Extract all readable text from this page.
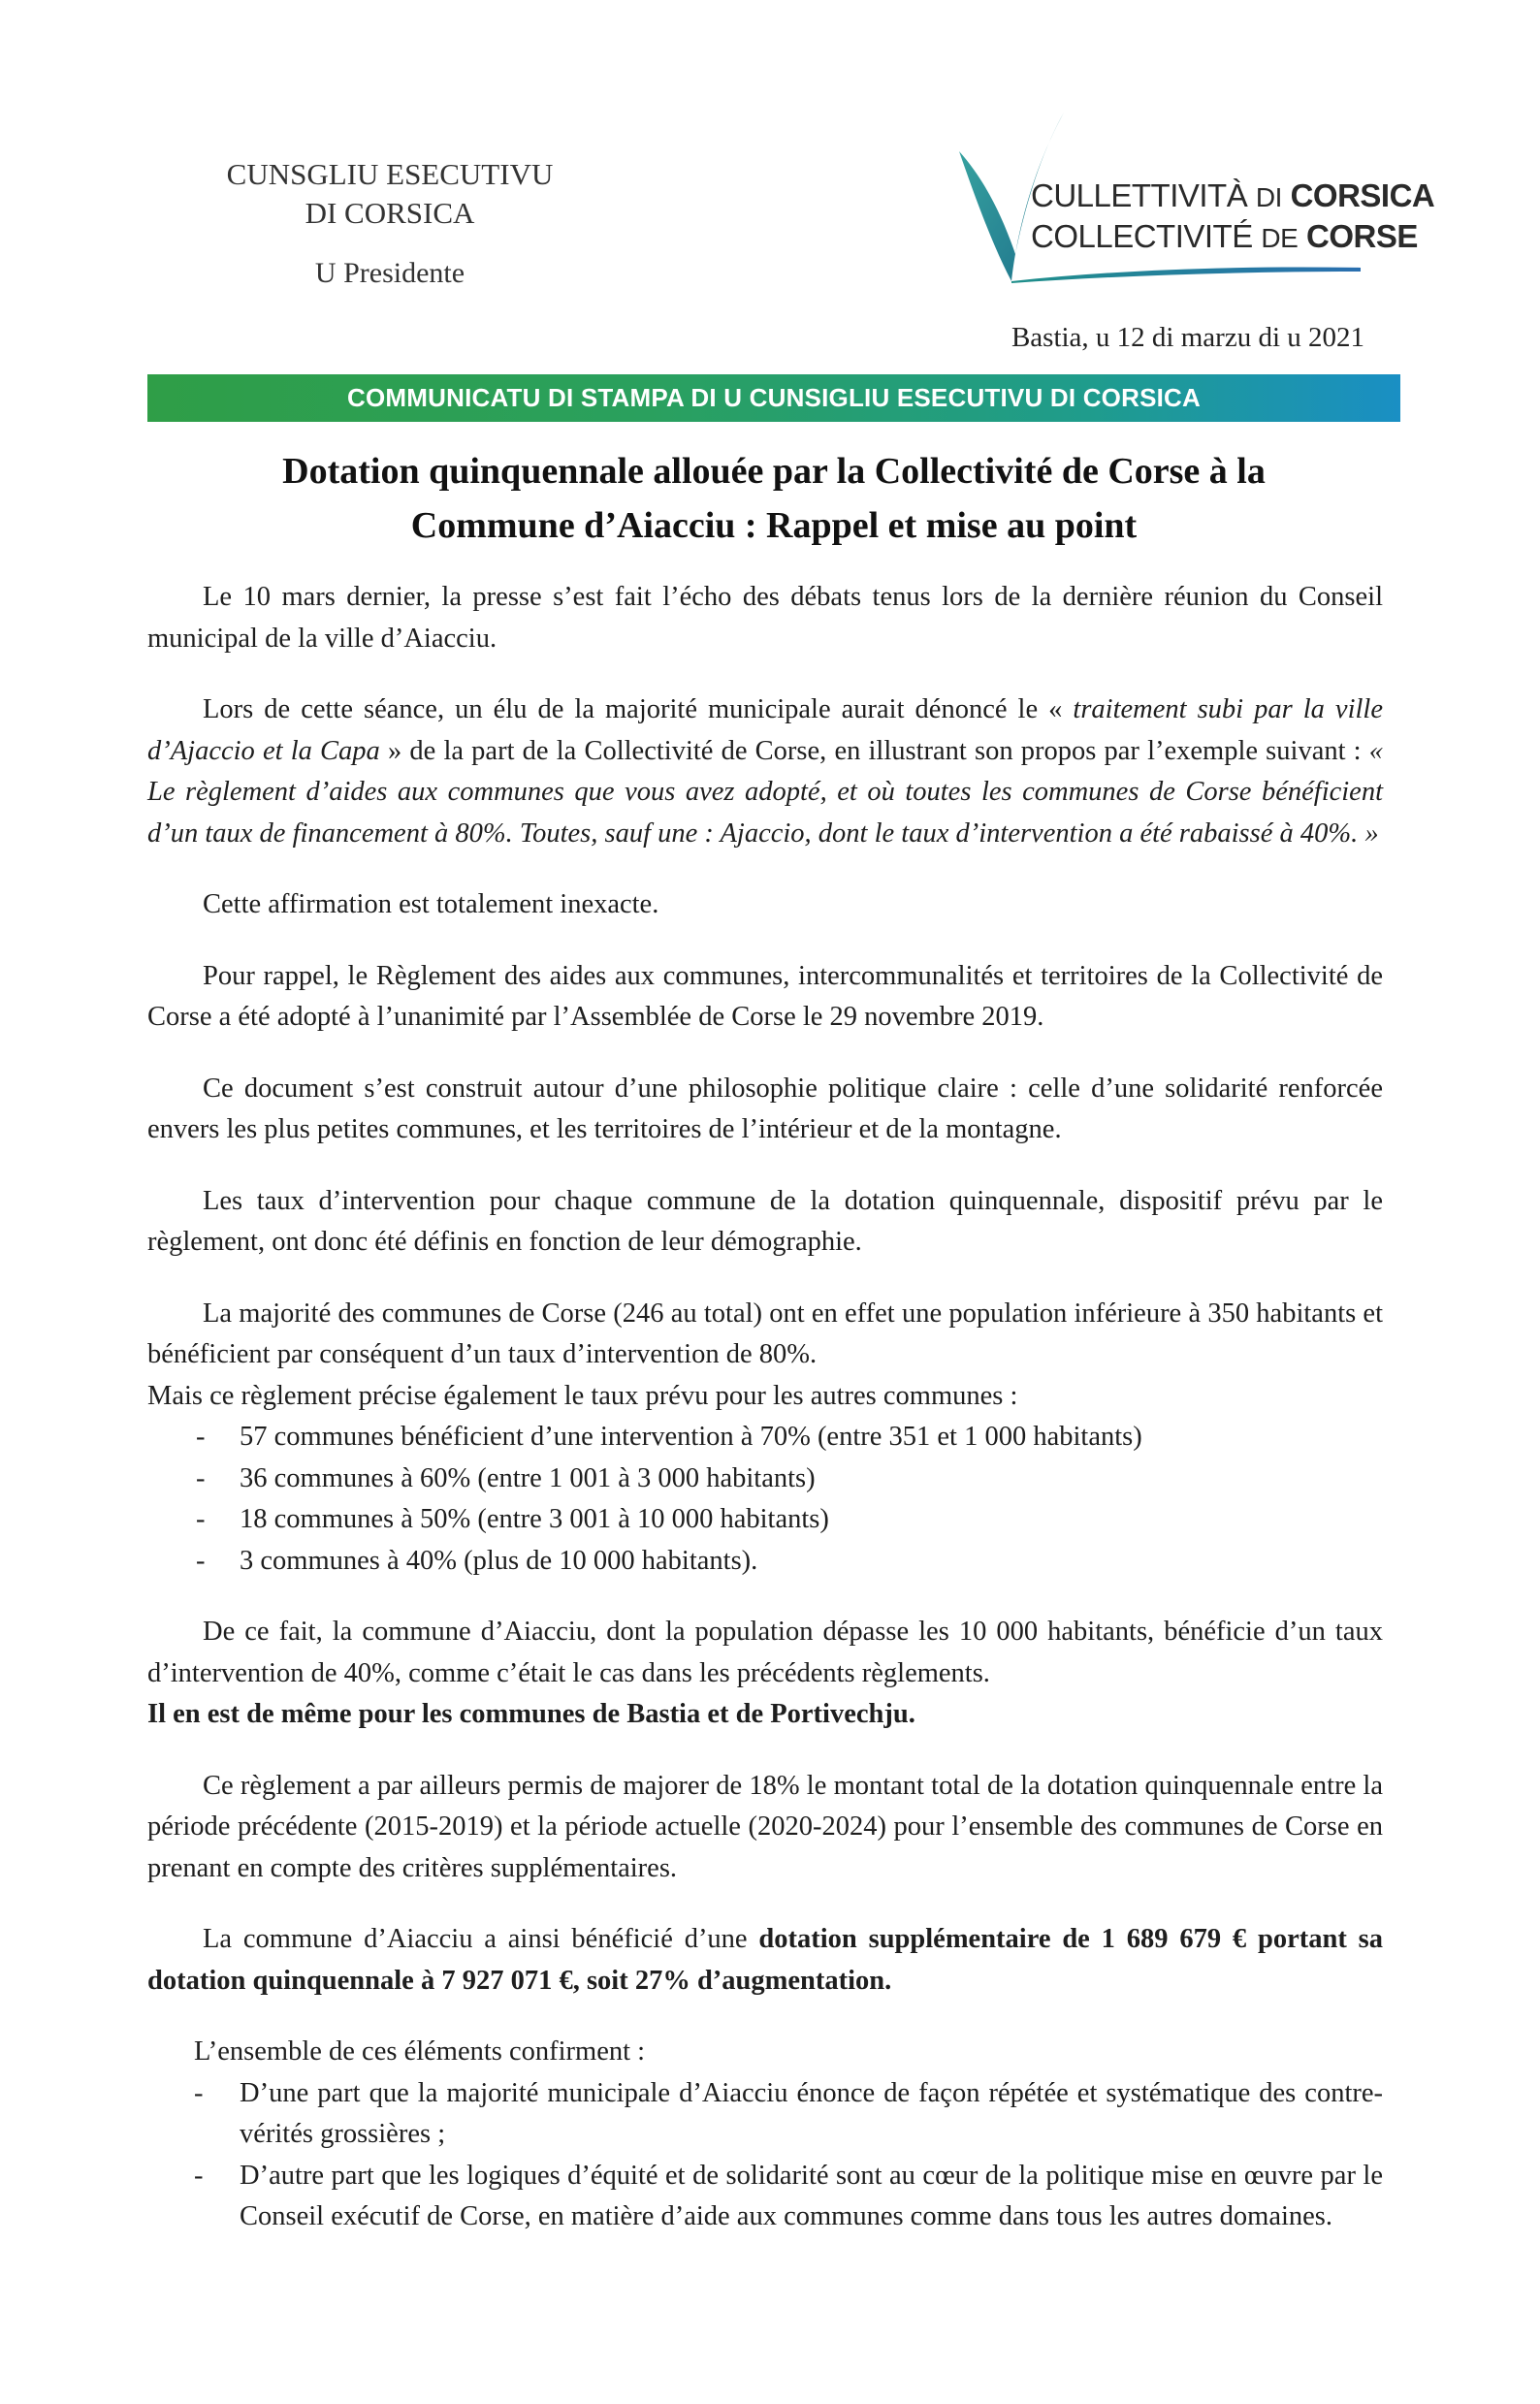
CUNSGLIU ESECUTIVU
DI CORSICA
U Presidente
CULLETTIVITÀ DI CORSICA
COLLECTIVITÉ DE CORSE
Bastia, u 12 di marzu di u 2021
COMMUNICATU DI STAMPA DI U CUNSIGLIU ESECUTIVU DI CORSICA
Dotation quinquennale allouée par la Collectivité de Corse à la
Commune d’Aiacciu : Rappel et mise au point

Le 10 mars dernier, la presse s’est fait l’écho des débats tenus lors de la dernière réunion du Conseil municipal de la ville d’Aiacciu.

Lors de cette séance, un élu de la majorité municipale aurait dénoncé le « traitement subi par la ville d’Ajaccio et la Capa » de la part de la Collectivité de Corse, en illustrant son propos par l’exemple suivant : « Le règlement d’aides aux communes que vous avez adopté, et où toutes les communes de Corse bénéficient d’un taux de financement à 80%. Toutes, sauf une : Ajaccio, dont le taux d’intervention a été rabaissé à 40%. »

Cette affirmation est totalement inexacte.

Pour rappel, le Règlement des aides aux communes, intercommunalités et territoires de la Collectivité de Corse a été adopté à l’unanimité par l’Assemblée de Corse le 29 novembre 2019.

Ce document s’est construit autour d’une philosophie politique claire : celle d’une solidarité renforcée envers les plus petites communes, et les territoires de l’intérieur et de la montagne.

Les taux d’intervention pour chaque commune de la dotation quinquennale, dispositif prévu par le règlement, ont donc été définis en fonction de leur démographie.

La majorité des communes de Corse (246 au total) ont en effet une population inférieure à 350 habitants et bénéficient par conséquent d’un taux d’intervention de 80%.

Mais ce règlement précise également le taux prévu pour les autres communes :

- 57 communes bénéficient d’une intervention à 70% (entre 351 et 1 000 habitants)
- 36 communes à 60% (entre 1 001 à 3 000 habitants)
- 18 communes à 50% (entre 3 001 à 10 000 habitants)
- 3 communes à 40% (plus de 10 000 habitants).

De ce fait, la commune d’Aiacciu, dont la population dépasse les 10 000 habitants, bénéficie d’un taux d’intervention de 40%, comme c’était le cas dans les précédents règlements.

Il en est de même pour les communes de Bastia et de Portivechju.

Ce règlement a par ailleurs permis de majorer de 18% le montant total de la dotation quinquennale entre la période précédente (2015-2019) et la période actuelle (2020-2024) pour l’ensemble des communes de Corse en prenant en compte des critères supplémentaires.

La commune d’Aiacciu a ainsi bénéficié d’une dotation supplémentaire de 1 689 679 € portant sa dotation quinquennale à 7 927 071 €, soit 27% d’augmentation.

L’ensemble de ces éléments confirment :

- D’une part que la majorité municipale d’Aiacciu énonce de façon répétée et systématique des contre-vérités grossières ;
- D’autre part que les logiques d’équité et de solidarité sont au cœur de la politique mise en œuvre par le Conseil exécutif de Corse, en matière d’aide aux communes comme dans tous les autres domaines.
